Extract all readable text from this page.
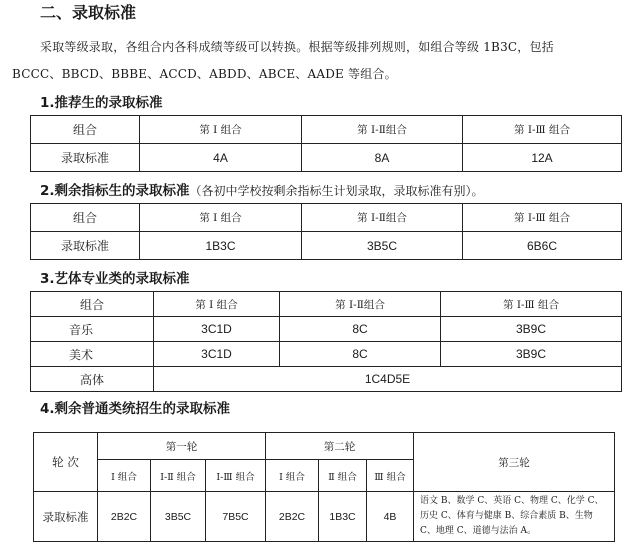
二、录取标准
采取等级录取，各组合内各科成绩等级可以转换。根据等级排列规则，如组合等级 1B3C，包括
BCCC、BBCD、BBBE、ACCD、ABDD、ABCE、AADE 等组合。
1.推荐生的录取标准
组合	第 Ⅰ 组合	第 Ⅰ-Ⅱ组合	第 Ⅰ-Ⅲ 组合
录取标准	4A	8A	12A
2.剩余指标生的录取标准（各初中学校按剩余指标生计划录取，录取标准有别）。
组合	第 Ⅰ 组合	第 Ⅰ-Ⅱ组合	第 Ⅰ-Ⅲ 组合
录取标准	1B3C	3B5C	6B6C
3.艺体专业类的录取标准
组合	第 Ⅰ 组合	第 Ⅰ-Ⅱ组合	第 Ⅰ-Ⅲ 组合
音乐	3C1D	8C	3B9C
美术	3C1D	8C	3B9C
高体	1C4D5E		
4.剩余普通类统招生的录取标准
轮 次	第一轮			第二轮			第三轮
	Ⅰ 组合	Ⅰ-Ⅱ 组合	Ⅰ-Ⅲ 组合	Ⅰ 组合	Ⅱ 组合	Ⅲ 组合	
录取标准	2B2C	3B5C	7B5C	2B2C	1B3C	4B	语文 B、数学 C、英语 C、物理 C、化学 C、历史 C、体育与健康 B、综合素质 B、生物 C、地理 C、道德与法治 A。
